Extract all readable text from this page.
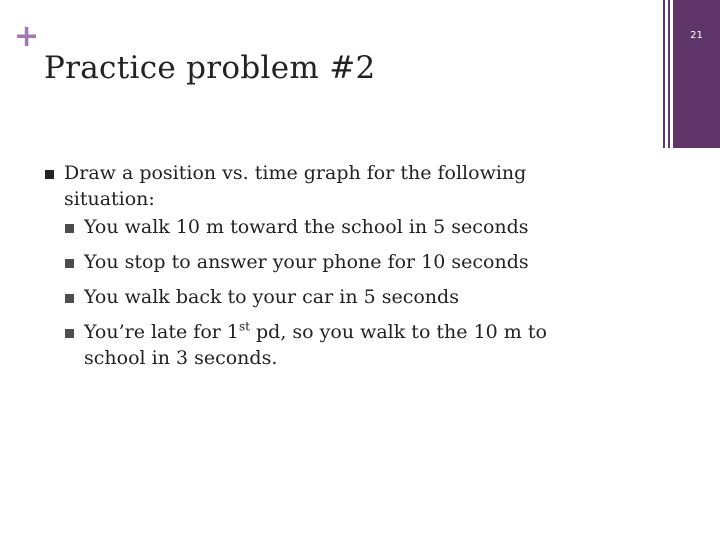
+
Practice problem #2
21
Draw a position vs. time graph for the following situation:
You walk 10 m toward the school in 5 seconds
You stop to answer your phone for 10 seconds
You walk back to your car in 5 seconds
You’re late for 1st pd, so you walk to the 10 m to school in 3 seconds.
